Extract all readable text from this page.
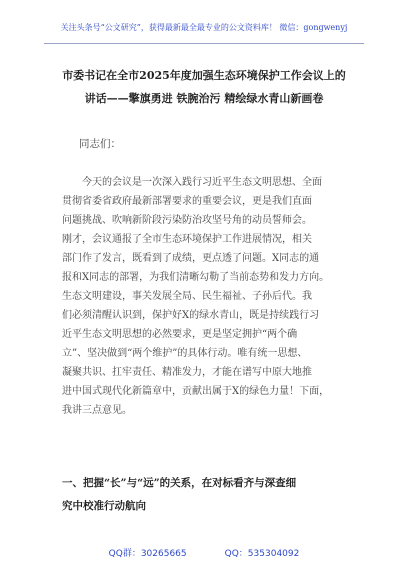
关注头条号“公文研究”，获得最新最全最专业的公文资料库！ 微信：gongwenyj
市委书记在全市2025年度加强生态环境保护工作会议上的
讲话——擎旗勇进 铁腕治污 精绘绿水青山新画卷
同志们：
今天的会议是一次深入践行习近平生态文明思想、全面
贯彻省委省政府最新部署要求的重要会议，更是我们直面
问题挑战、吹响新阶段污染防治攻坚号角的动员誓师会。
刚才，会议通报了全市生态环境保护工作进展情况，相关
部门作了发言，既看到了成绩，更点透了问题。X同志的通
报和X同志的部署，为我们清晰勾勒了当前态势和发力方向。
生态文明建设，事关发展全局、民生福祉、子孙后代。我
们必须清醒认识到，保护好X的绿水青山，既是持续践行习
近平生态文明思想的必然要求，更是坚定拥护“两个确
立”、坚决做到“两个维护”的具体行动。唯有统一思想、
凝聚共识、扛牢责任、精准发力，才能在谱写中原大地推
进中国式现代化新篇章中，贡献出属于X的绿色力量！下面，
我讲三点意见。
一、把握“长”与“远”的关系，在对标看齐与深查细
究中校准行动航向
QQ群：30265665	QQ：535304092
